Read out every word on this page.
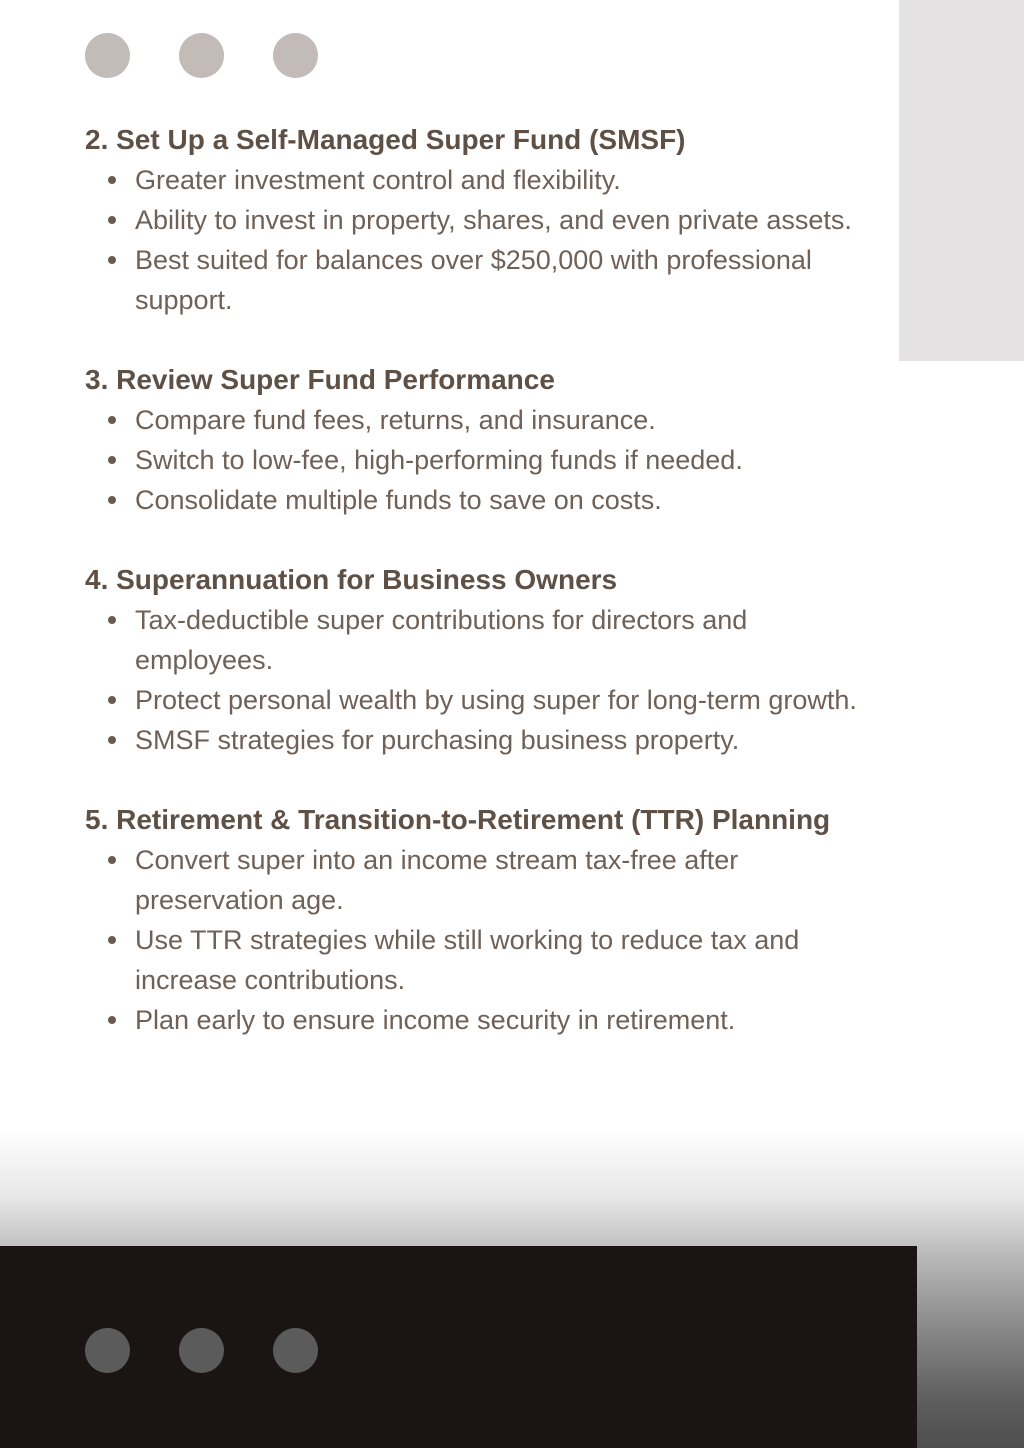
2. Set Up a Self-Managed Super Fund (SMSF)
Greater investment control and flexibility.
Ability to invest in property, shares, and even private assets.
Best suited for balances over $250,000 with professional support.
3. Review Super Fund Performance
Compare fund fees, returns, and insurance.
Switch to low-fee, high-performing funds if needed.
Consolidate multiple funds to save on costs.
4. Superannuation for Business Owners
Tax-deductible super contributions for directors and employees.
Protect personal wealth by using super for long-term growth.
SMSF strategies for purchasing business property.
5. Retirement & Transition-to-Retirement (TTR) Planning
Convert super into an income stream tax-free after preservation age.
Use TTR strategies while still working to reduce tax and increase contributions.
Plan early to ensure income security in retirement.
